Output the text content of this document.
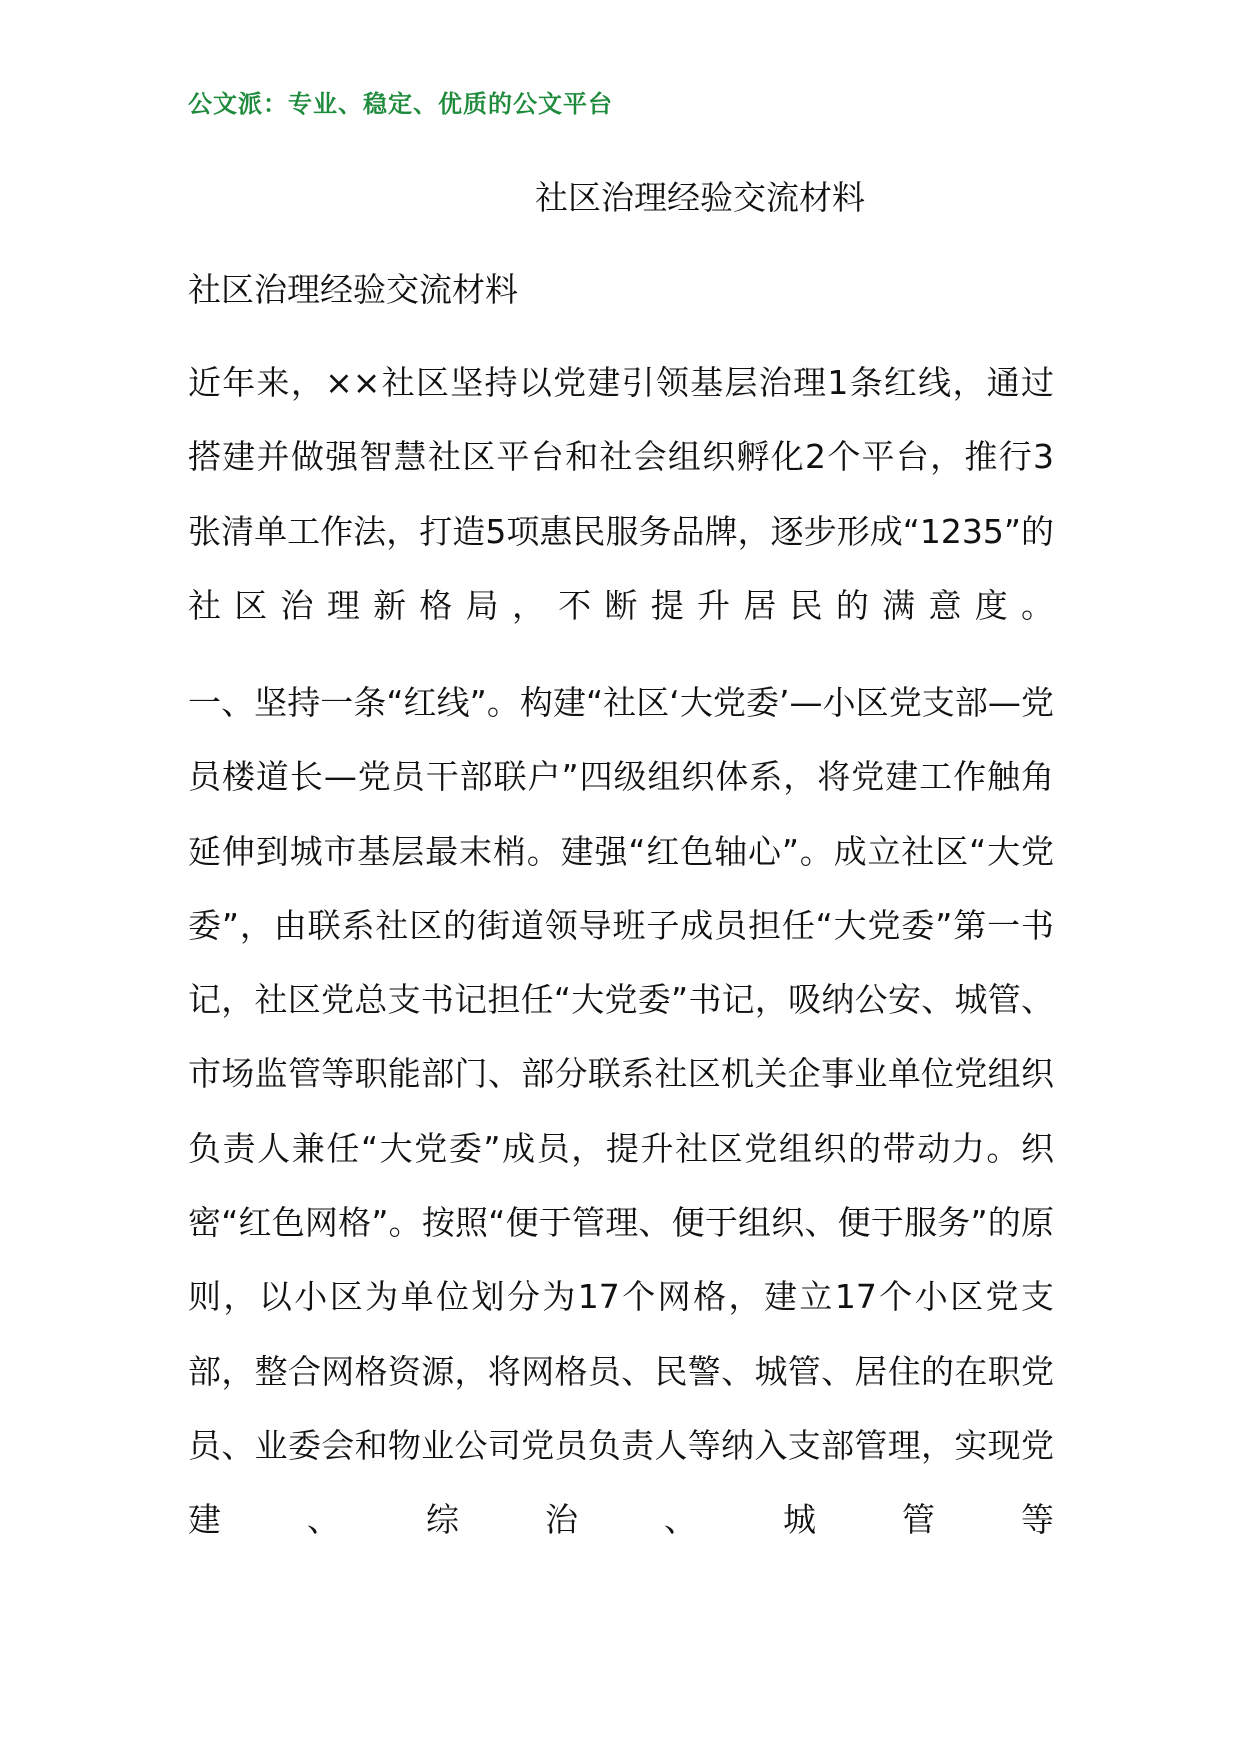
公文派：专业、稳定、优质的公文平台
社区治理经验交流材料
社区治理经验交流材料

近年来，××社区坚持以党建引领基层治理1条红线，通过搭建并做强智慧社区平台和社会组织孵化2个平台，推行3张清单工作法，打造5项惠民服务品牌，逐步形成“1235”的社区治理新格局，不断提升居民的满意度。

一、坚持一条“红线”。构建“社区‘大党委’—小区党支部—党员楼道长—党员干部联户”四级组织体系，将党建工作触角延伸到城市基层最末梢。建强“红色轴心”。成立社区“大党委”，由联系社区的街道领导班子成员担任“大党委”第一书记，社区党总支书记担任“大党委”书记，吸纳公安、城管、市场监管等职能部门、部分联系社区机关企事业单位党组织负责人兼任“大党委”成员，提升社区党组织的带动力。织密“红色网格”。按照“便于管理、便于组织、便于服务”的原则，以小区为单位划分为17个网格，建立17个小区党支部，整合网格资源，将网格员、民警、城管、居住的在职党员、业委会和物业公司党员负责人等纳入支部管理，实现党建、综治、城管等
